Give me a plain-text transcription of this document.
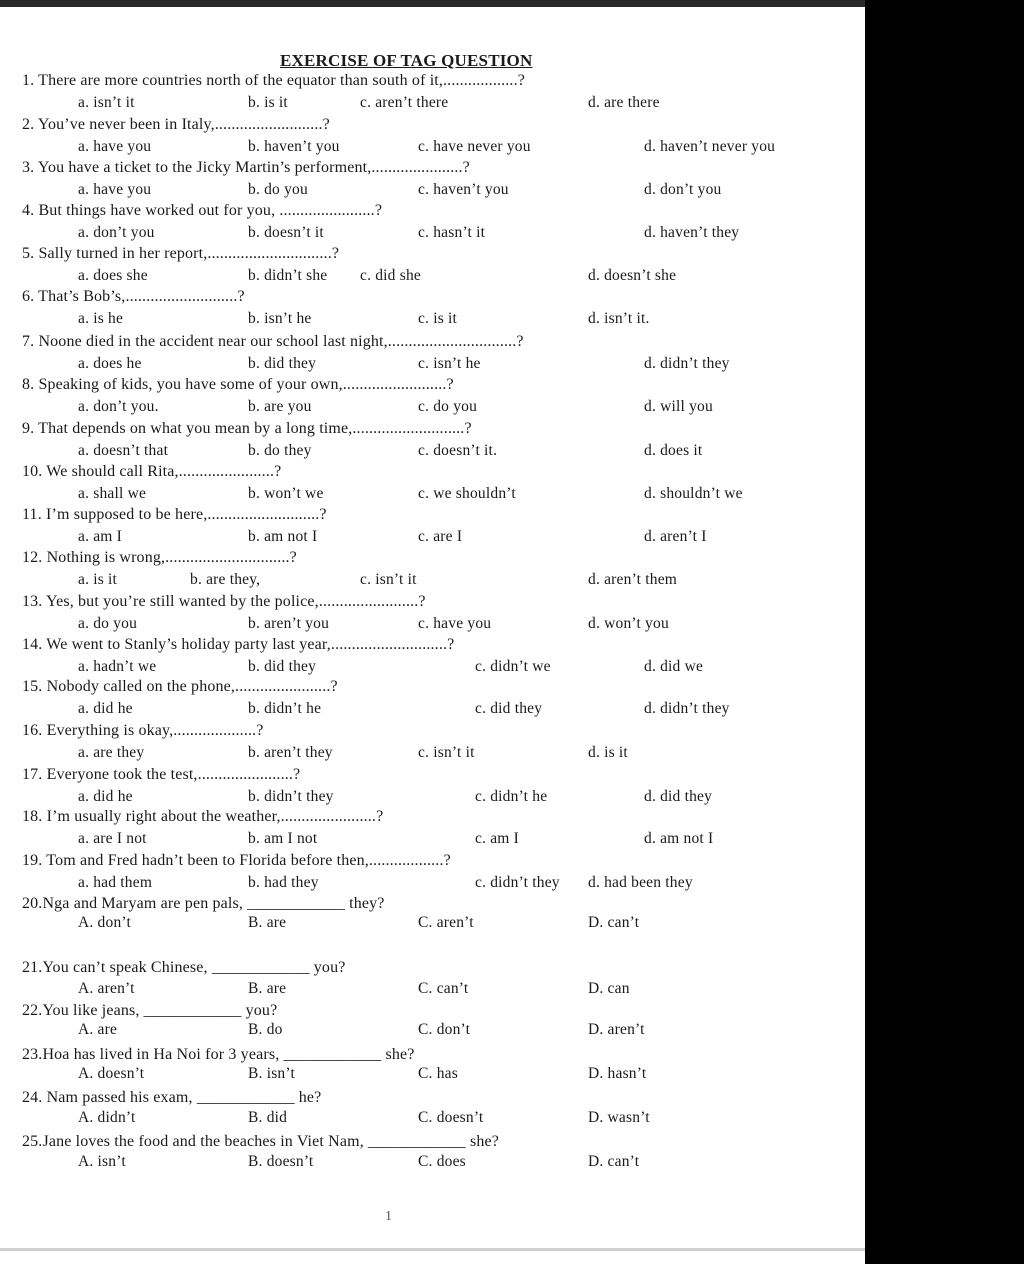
EXERCISE OF TAG QUESTION
1. There are more countries north of the equator than south of it,..................?
a. isn’t it	b. is it	c. aren’t there	d. are there
2. You’ve never been in Italy,..........................?
a. have you	b. haven’t you	c. have never you	d. haven’t never you
3. You have a ticket to the Jicky Martin’s performent,......................?
a. have you	b. do you	c. haven’t you	d. don’t you
4. But things have worked out for you, .......................?
a. don’t you	b. doesn’t it	c. hasn’t it	d. haven’t they
5. Sally turned in her report,..............................?
a. does she	b. didn’t she c. did she	d. doesn’t she
6. That’s Bob’s,...........................?
a. is he	b. isn’t he	c. is it	d. isn’t it.
7. Noone died in the accident near our school last night,...............................?
a. does he	b. did they	c. isn’t he	d. didn’t they
8. Speaking of kids, you have some of your own,.........................?
a. don’t you.	b. are you	c. do you	d. will you
9. That depends on what you mean by a long time,...........................?
a. doesn’t that	b. do they	c. doesn’t it.	d. does it
10. We should call Rita,.......................?
a. shall we	b. won’t we	c. we shouldn’t	d. shouldn’t we
11. I’m supposed to be here,...........................?
a. am I	b. am not I	c. are I	d. aren’t I
12. Nothing is wrong,..............................?
a. is it	b. are they,	c. isn’t it	d. aren’t them
13. Yes, but you’re still wanted by the police,........................?
a. do you	b. aren’t you	c. have you	d. won’t you
14. We went to Stanly’s holiday party last year,............................?
a. hadn’t we	b. did they	c. didn’t we	d. did we
15. Nobody called on the phone,.......................?
a. did he	b. didn’t he	c. did they	d. didn’t they
16. Everything is okay,....................?
a. are they	b. aren’t they	c. isn’t it	d. is it
17. Everyone took the test,.......................?
a. did he	b. didn’t they	c. didn’t he	d. did they
18. I’m usually right about the weather,.......................?
a. are I not	b. am I not	c. am I	d. am not I
19. Tom and Fred hadn’t been to Florida before then,..................?
a. had them	b. had they	c. didn’t they d. had been they
20.Nga and Maryam are pen pals, ____________ they?
A. don’t	B. are	C. aren’t	D. can’t
21.You can’t speak Chinese, ____________ you?
A. aren’t	B. are	C. can’t	D. can
22.You like jeans, ____________ you?
A. are	B. do	C. don’t	D. aren’t
23.Hoa has lived in Ha Noi for 3 years, ____________ she?
A. doesn’t	B. isn’t	C. has	D. hasn’t
24. Nam passed his exam, ____________ he?
A. didn’t	B. did	C. doesn’t	D. wasn’t
25.Jane loves the food and the beaches in Viet Nam, ____________ she?
A. isn’t	B. doesn’t	C. does	D. can’t
1
